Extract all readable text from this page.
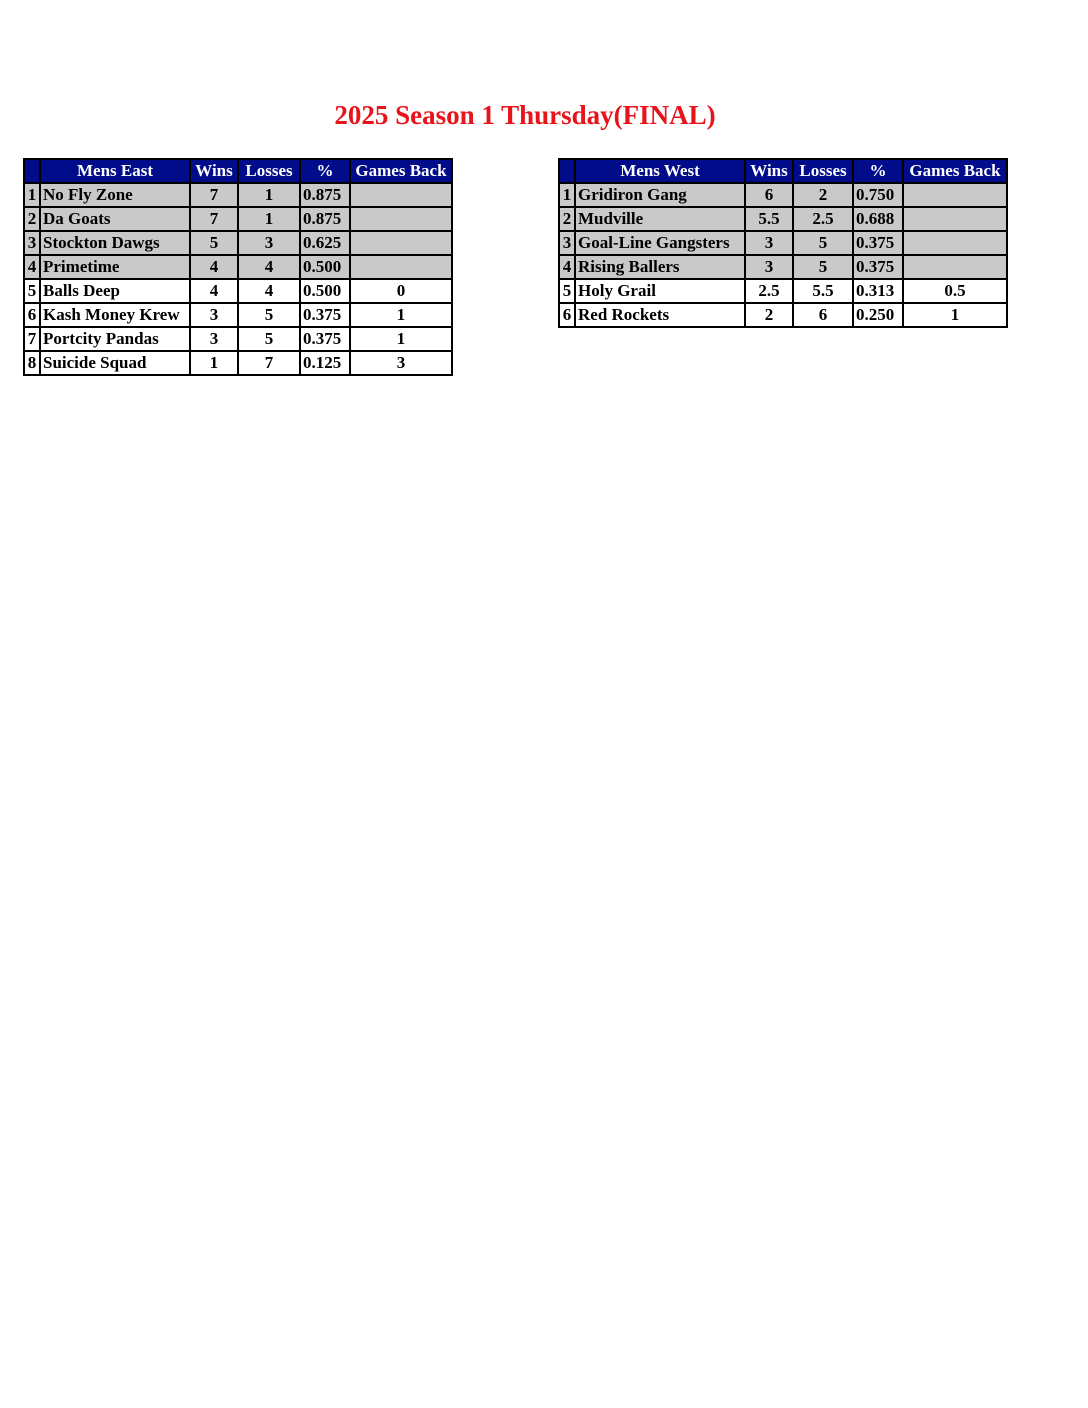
2025 Season 1 Thursday(FINAL)
	Mens East	Wins	Losses	%	Games Back
1	No Fly Zone	7	1	0.875	
2	Da Goats	7	1	0.875	
3	Stockton Dawgs	5	3	0.625	
4	Primetime	4	4	0.500	
5	Balls Deep	4	4	0.500	0
6	Kash Money Krew	3	5	0.375	1
7	Portcity Pandas	3	5	0.375	1
8	Suicide Squad	1	7	0.125	3
	Mens West	Wins	Losses	%	Games Back
1	Gridiron Gang	6	2	0.750	
2	Mudville	5.5	2.5	0.688	
3	Goal-Line Gangsters	3	5	0.375	
4	Rising Ballers	3	5	0.375	
5	Holy Grail	2.5	5.5	0.313	0.5
6	Red Rockets	2	6	0.250	1
